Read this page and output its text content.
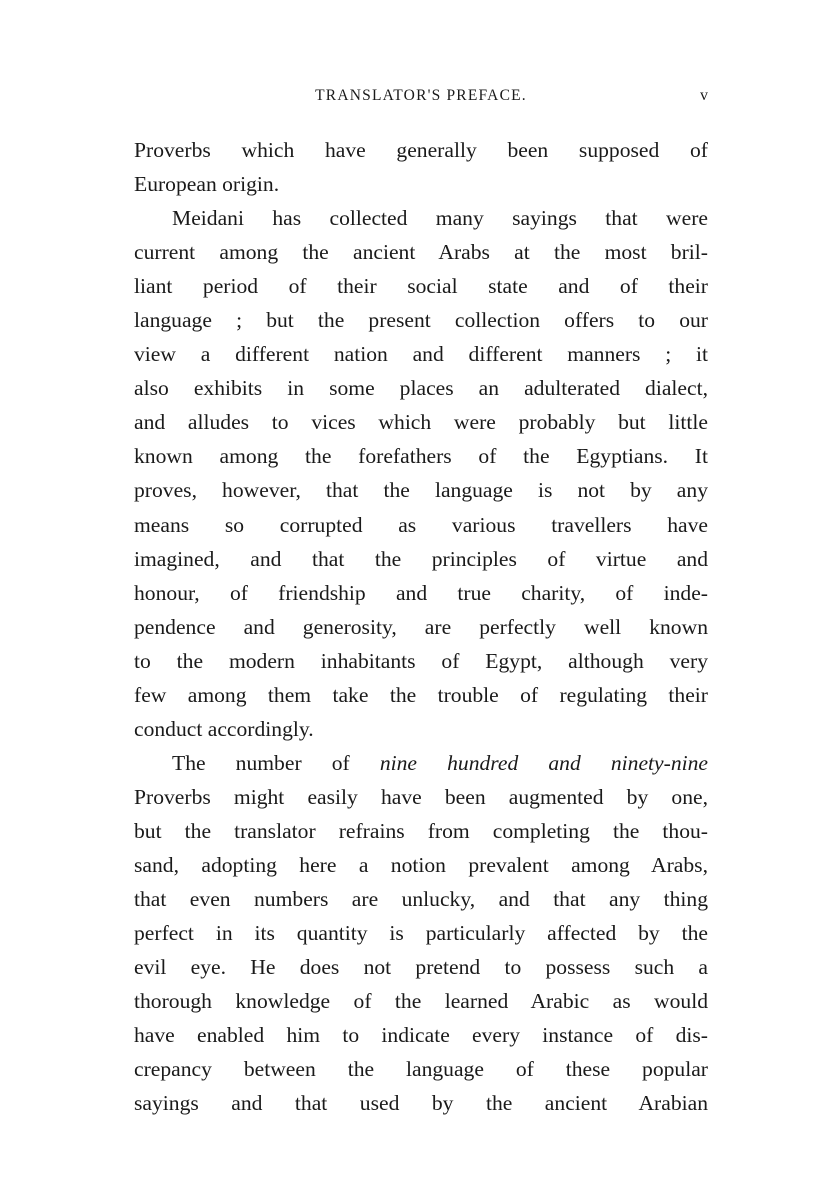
TRANSLATOR'S PREFACE.	v
Proverbs which have generally been supposed of
European origin.
Meidani has collected many sayings that were
current among the ancient Arabs at the most bril-
liant period of their social state and of their
language ; but the present collection offers to our
view a different nation and different manners ; it
also exhibits in some places an adulterated dialect,
and alludes to vices which were probably but little
known among the forefathers of the Egyptians. It
proves, however, that the language is not by any
means so corrupted as various travellers have
imagined, and that the principles of virtue and
honour, of friendship and true charity, of inde-
pendence and generosity, are perfectly well known
to the modern inhabitants of Egypt, although very
few among them take the trouble of regulating their
conduct accordingly.
The number of nine hundred and ninety-nine
Proverbs might easily have been augmented by one,
but the translator refrains from completing the thou-
sand, adopting here a notion prevalent among Arabs,
that even numbers are unlucky, and that any thing
perfect in its quantity is particularly affected by the
evil eye. He does not pretend to possess such a
thorough knowledge of the learned Arabic as would
have enabled him to indicate every instance of dis-
crepancy between the language of these popular
sayings and that used by the ancient Arabian
